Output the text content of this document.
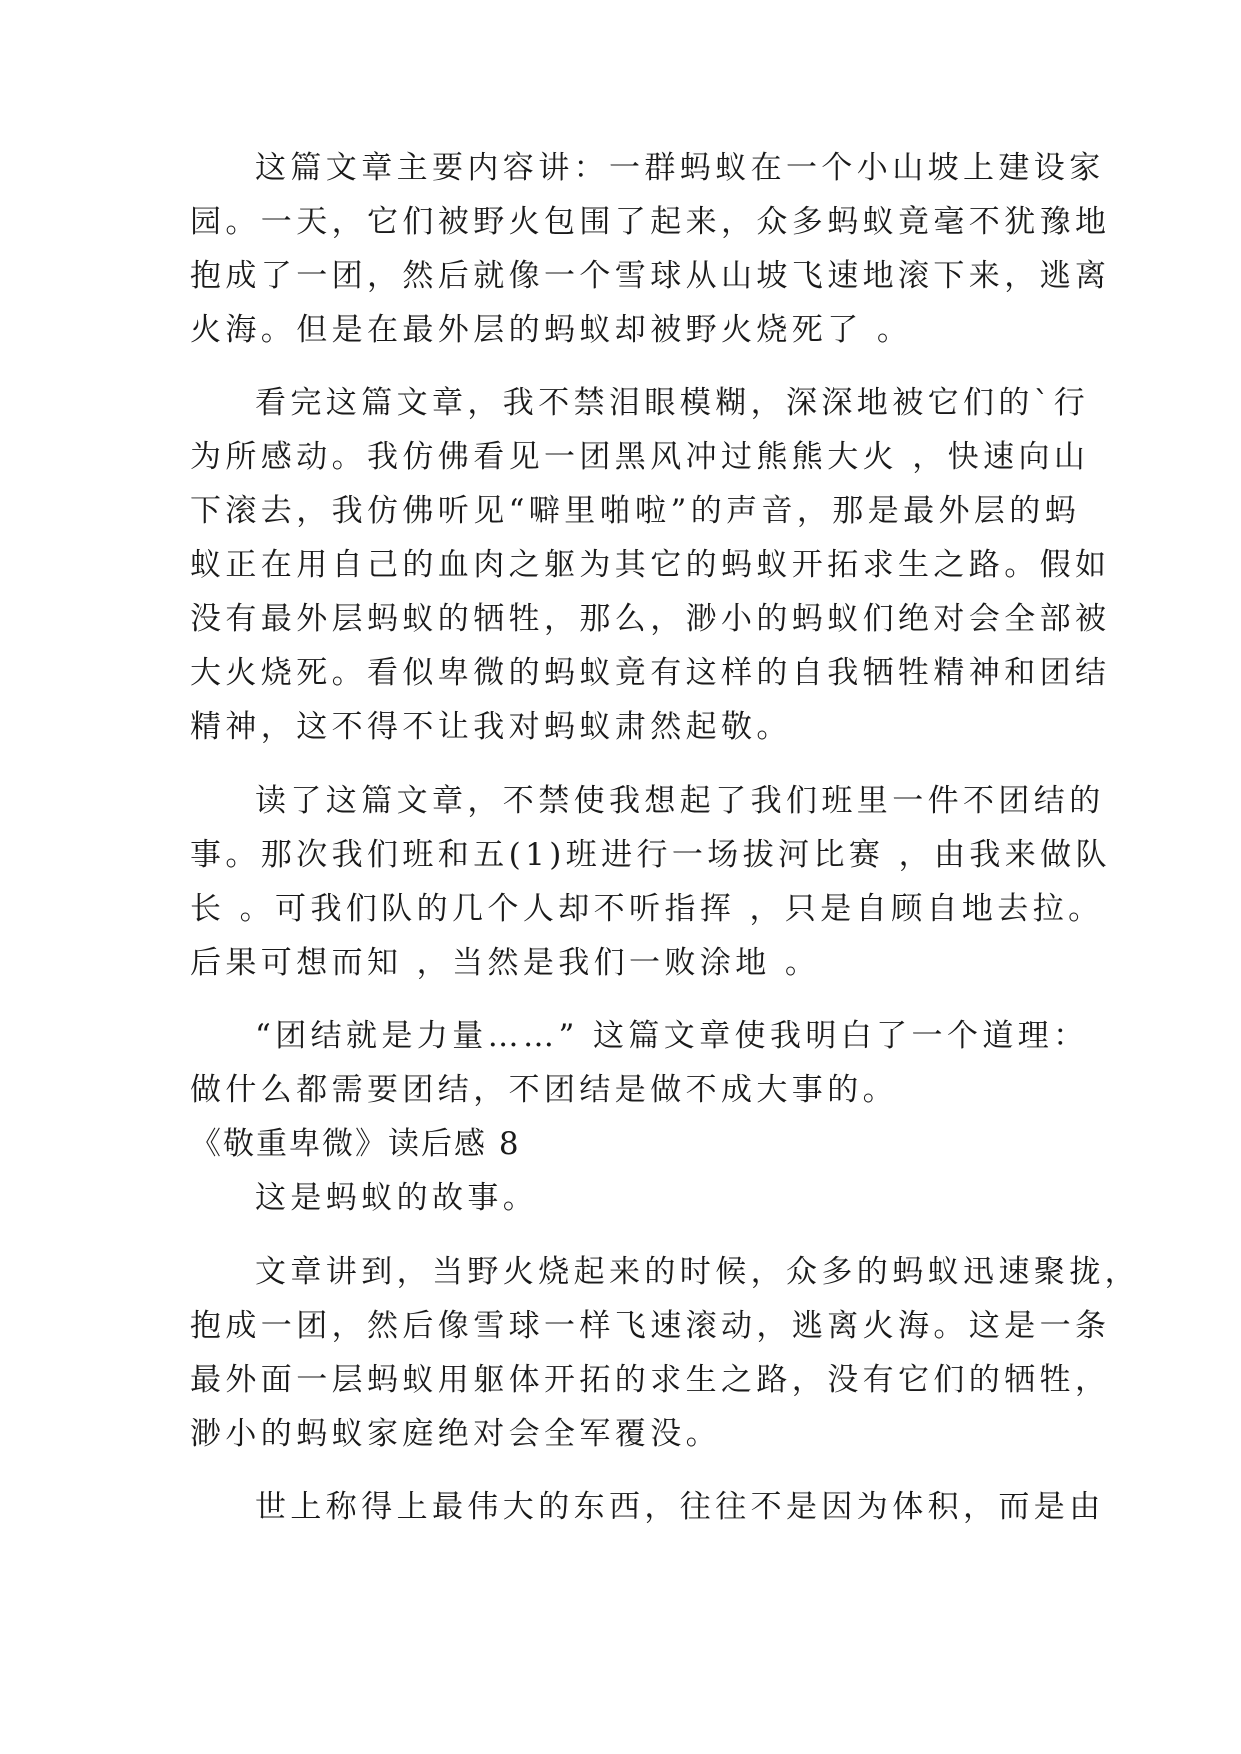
这篇文章主要内容讲：一群蚂蚁在一个小山坡上建设家
园。一天，它们被野火包围了起来，众多蚂蚁竟毫不犹豫地
抱成了一团，然后就像一个雪球从山坡飞速地滚下来，逃离
火海。但是在最外层的蚂蚁却被野火烧死了 。
看完这篇文章，我不禁泪眼模糊，深深地被它们的`行
为所感动。我仿佛看见一团黑风冲过熊熊大火 ，快速向山
下滚去，我仿佛听见“噼里啪啦”的声音，那是最外层的蚂
蚁正在用自己的血肉之躯为其它的蚂蚁开拓求生之路。假如
没有最外层蚂蚁的牺牲，那么，渺小的蚂蚁们绝对会全部被
大火烧死。看似卑微的蚂蚁竟有这样的自我牺牲精神和团结
精神，这不得不让我对蚂蚁肃然起敬。
读了这篇文章，不禁使我想起了我们班里一件不团结的
事。那次我们班和五(1)班进行一场拔河比赛 ，由我来做队
长 。可我们队的几个人却不听指挥 ，只是自顾自地去拉。
后果可想而知 ，当然是我们一败涂地 。
“团结就是力量……” 这篇文章使我明白了一个道理：
做什么都需要团结，不团结是做不成大事的。
《敬重卑微》读后感 8
这是蚂蚁的故事。
文章讲到，当野火烧起来的时候，众多的蚂蚁迅速聚拢，
抱成一团，然后像雪球一样飞速滚动，逃离火海。这是一条
最外面一层蚂蚁用躯体开拓的求生之路，没有它们的牺牲，
渺小的蚂蚁家庭绝对会全军覆没。
世上称得上最伟大的东西，往往不是因为体积，而是由
